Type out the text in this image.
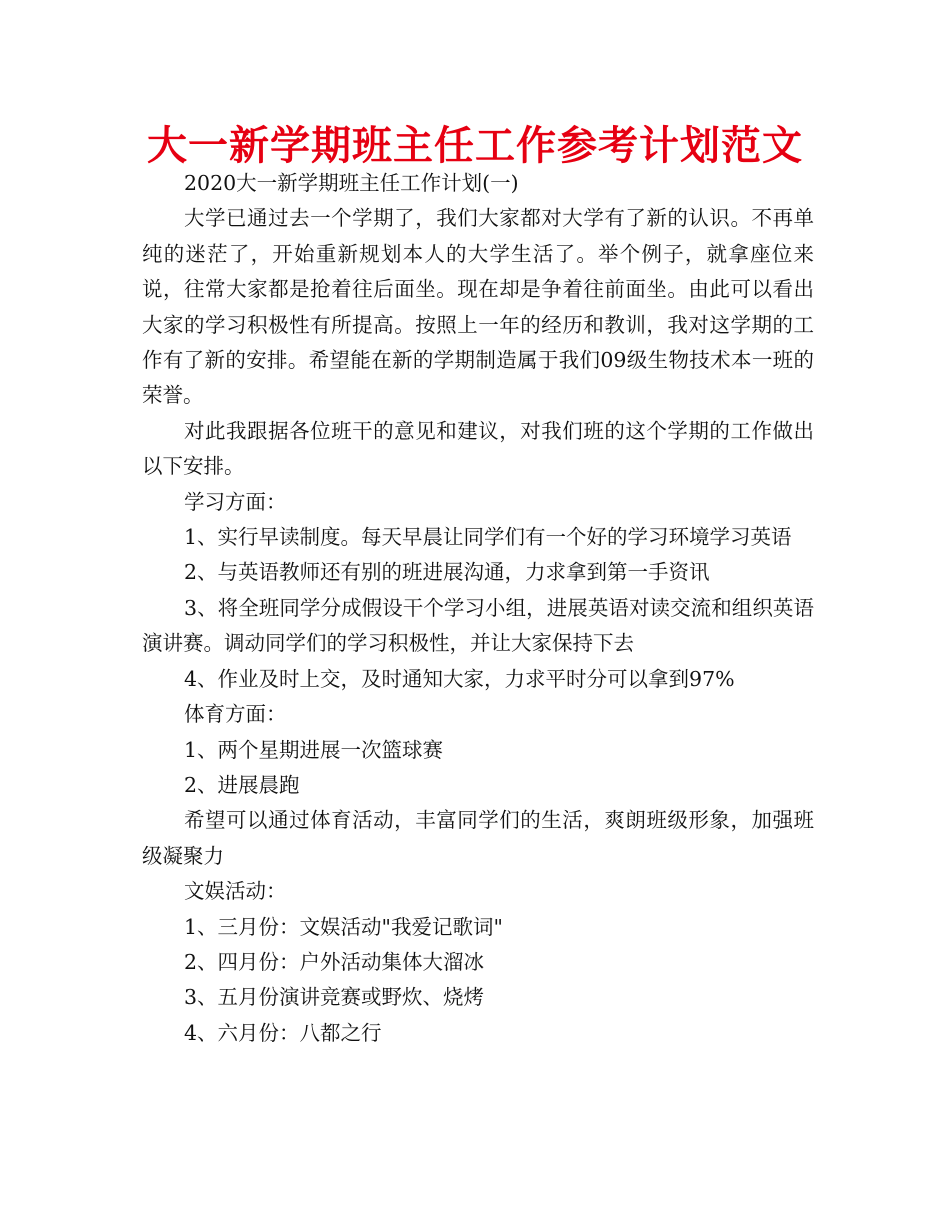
大一新学期班主任工作参考计划范文

2020大一新学期班主任工作计划(一)

大学已通过去一个学期了，我们大家都对大学有了新的认识。不再单纯的迷茫了，开始重新规划本人的大学生活了。举个例子，就拿座位来说，往常大家都是抢着往后面坐。现在却是争着往前面坐。由此可以看出大家的学习积极性有所提高。按照上一年的经历和教训，我对这学期的工作有了新的安排。希望能在新的学期制造属于我们09级生物技术本一班的荣誉。

对此我跟据各位班干的意见和建议，对我们班的这个学期的工作做出以下安排。

学习方面：

1、实行早读制度。每天早晨让同学们有一个好的学习环境学习英语

2、与英语教师还有别的班进展沟通，力求拿到第一手资讯

3、将全班同学分成假设干个学习小组，进展英语对读交流和组织英语演讲赛。调动同学们的学习积极性，并让大家保持下去

4、作业及时上交，及时通知大家，力求平时分可以拿到97%

体育方面：

1、两个星期进展一次篮球赛

2、进展晨跑

希望可以通过体育活动，丰富同学们的生活，爽朗班级形象，加强班级凝聚力

文娱活动：

1、三月份：文娱活动"我爱记歌词"

2、四月份：户外活动集体大溜冰

3、五月份演讲竞赛或野炊、烧烤

4、六月份：八都之行
